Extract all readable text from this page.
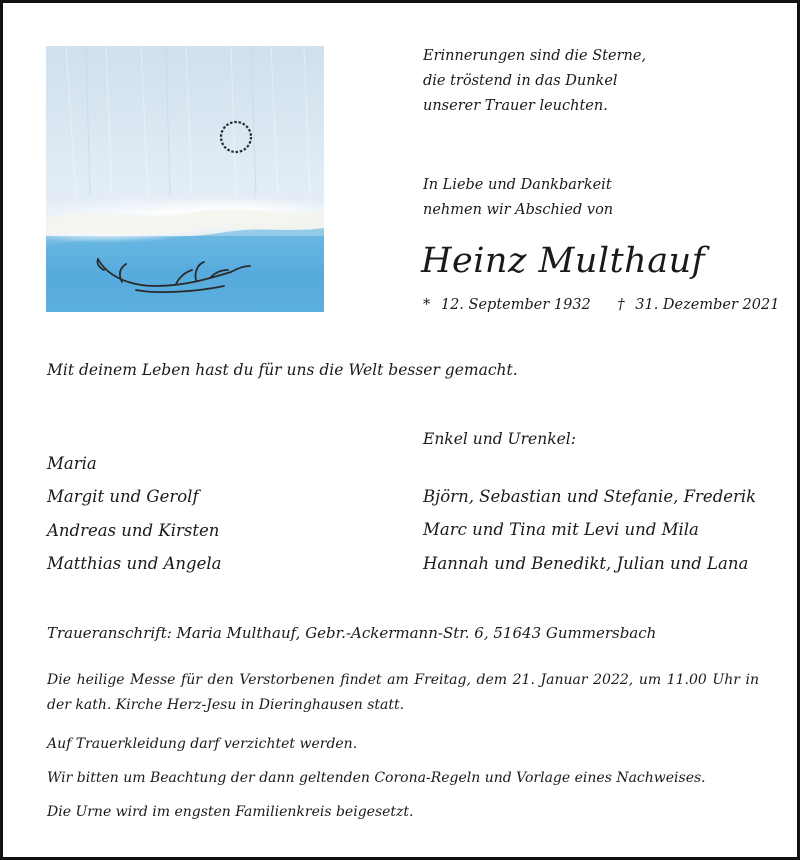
Erinnerungen sind die Sterne,
die tröstend in das Dunkel
unserer Trauer leuchten.
In Liebe und Dankbarkeit
nehmen wir Abschied von
Heinz Multhauf
* 12. September 1932 † 31. Dezember 2021
Mit deinem Leben hast du für uns die Welt besser gemacht.
Enkel und Urenkel:
Maria
Margit und Gerolf
Andreas und Kirsten
Matthias und Angela
Björn, Sebastian und Stefanie, Frederik
Marc und Tina mit Levi und Mila
Hannah und Benedikt, Julian und Lana
Traueranschrift: Maria Multhauf, Gebr.-Ackermann-Str. 6, 51643 Gummersbach
Die heilige Messe für den Verstorbenen findet am Freitag, dem 21. Januar 2022, um 11.00 Uhr in der kath. Kirche Herz-Jesu in Dieringhausen statt.
Auf Trauerkleidung darf verzichtet werden.
Wir bitten um Beachtung der dann geltenden Corona-Regeln und Vorlage eines Nachweises.
Die Urne wird im engsten Familienkreis beigesetzt.
